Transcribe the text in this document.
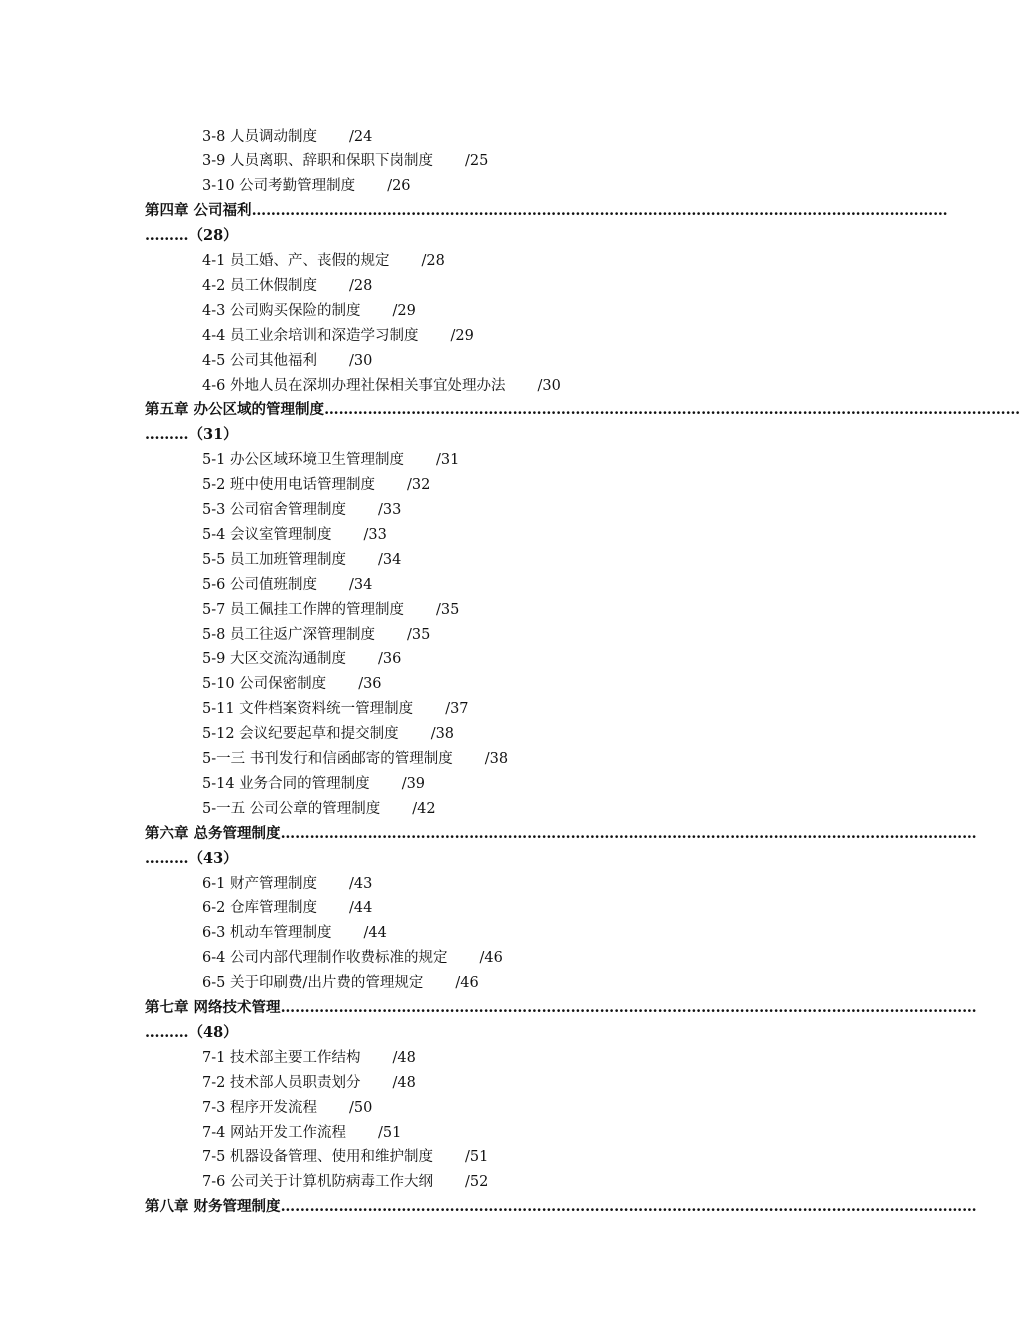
3-8 人员调动制度 /24
3-9 人员离职、辞职和保职下岗制度 /25
3-10 公司考勤管理制度 /26
第四章 公司福利………………………………………………………………………………………………………………………………
………（28）
4-1 员工婚、产、丧假的规定 /28
4-2 员工休假制度 /28
4-3 公司购买保险的制度 /29
4-4 员工业余培训和深造学习制度 /29
4-5 公司其他福利 /30
4-6 外地人员在深圳办理社保相关事宜处理办法 /30
第五章 办公区域的管理制度………………………………………………………………………………………………………………………………
………（31）
5-1 办公区域环境卫生管理制度 /31
5-2 班中使用电话管理制度 /32
5-3 公司宿舍管理制度 /33
5-4 会议室管理制度 /33
5-5 员工加班管理制度 /34
5-6 公司值班制度 /34
5-7 员工佩挂工作牌的管理制度 /35
5-8 员工往返广深管理制度 /35
5-9 大区交流沟通制度 /36
5-10 公司保密制度 /36
5-11 文件档案资料统一管理制度 /37
5-12 会议纪要起草和提交制度 /38
5-一三 书刊发行和信函邮寄的管理制度 /38
5-14 业务合同的管理制度 /39
5-一五 公司公章的管理制度 /42
第六章 总务管理制度………………………………………………………………………………………………………………………………
………（43）
6-1 财产管理制度 /43
6-2 仓库管理制度 /44
6-3 机动车管理制度 /44
6-4 公司内部代理制作收费标准的规定 /46
6-5 关于印刷费/出片费的管理规定 /46
第七章 网络技术管理………………………………………………………………………………………………………………………………
………（48）
7-1 技术部主要工作结构 /48
7-2 技术部人员职责划分 /48
7-3 程序开发流程 /50
7-4 网站开发工作流程 /51
7-5 机器设备管理、使用和维护制度 /51
7-6 公司关于计算机防病毒工作大纲 /52
第八章 财务管理制度………………………………………………………………………………………………………………………………
